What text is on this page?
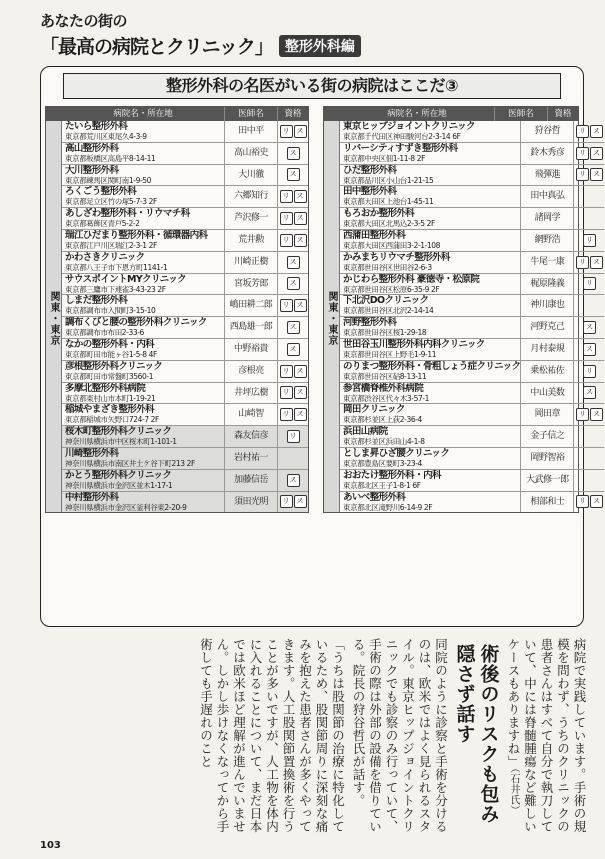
あなたの街の
「最高の病院とクリニック」 整形外科編
整形外科の名医がいる街の病院はここだ③
病院名・所在地	医師名	資格
関東・東京
たいら整形外科
東京都荒川区東尾久4-3-9
田中平	リ	ス
高山整形外科
東京都板橋区高島平8-14-11
高山裕史	ス
大川整形外科
東京都練馬区関町南1-9-50
大川徹	ス
ろくごう整形外科
東京都足立区竹の塚5-7-3 2F
六郷知行	リ	ス
あしざわ整形外科・リウマチ科
東京都葛飾区青戸5-2-2
芦沢修一	リ	ス
瑞江ひだまり整形外科・循環器内科
東京都江戸川区瑞江2-3-1 2F
荒井勲	リ	ス
かわさきクリニック
東京都八王子市下恩方町1141-1
川崎正樹	ス
サウスポイントMYクリニック
東京都三鷹市下連雀3-43-23 2F
宮坂芳郎	ス
しまだ整形外科
東京都調布市入間町3-15-10
嶋田耕二郎	リ	ス
調布くびと腰の整形外科クリニック
東京都調布市布田2-33-6
西島雄一郎	ス
なかの整形外科・内科
東京都町田市能ヶ谷1-5-8 4F
中野裕貴	ス
彦根整形外科クリニック
東京都町田市常盤町3560-1
彦根亮	リ	ス
多摩北整形外科病院
東京都東村山市本町1-19-21
井坪広樹	リ	ス
稲城やまざき整形外科
東京都稲城市矢野口724-7 2F
山崎智	リ	ス
桜木町整形外科クリニック
神奈川県横浜市中区桜木町1-101-1
森友信彦	リ
川崎整形外科
神奈川県横浜市南区井土ケ谷下町213 2F
岩村祐一
かとう整形外科クリニック
神奈川県横浜市金沢区並木1-17-1
加藤信岳	ス
中村整形外科
神奈川県横浜市金沢区釜利谷東2-20-9
須田光明	リ	ス
病院名・所在地	医師名	資格
関東・東京
東京ヒップジョイントクリニック
東京都千代田区神田駿河台2-3-14 6F
狩谷哲	リ	ス
リバーシティすずき整形外科
東京都中央区佃1-11-8 2F
鈴木秀彦	リ	ス
ひだ整形外科
東京都品川区小山台1-21-15
飛彈進	リ	ス
田中整形外科
東京都大田区上池台1-45-11
田中真弘
もろおか整形外科
東京都大田区北馬込2-3-5 2F
諸岡学
西蒲田整形外科
東京都大田区西蒲田3-2-1-108
網野浩	リ
かみまちリウマチ整形外科
東京都世田谷区世田谷2-6-3
牛尾一康	リ	ス
かじわら整形外科 豪徳寺・松原院
東京都世田谷区松原6-35-9 2F
梶原隆義	リ
下北沢DOクリニック
東京都世田谷区北沢2-14-14
神川康也
河野整形外科
東京都世田谷区桜1-29-18
河野克己	ス
世田谷玉川整形外科内科クリニック
東京都世田谷区上野毛1-9-11
月村泰規	ス
のりまつ整形外科・骨粗しょう症クリニック
東京都世田谷区砧8-13-11
乗松祐佐	リ
参宮橋脊椎外科病院
東京都渋谷区代々木3-57-1
中山美数	ス
岡田クリニック
東京都杉並区上荻2-36-4
岡田章	リ	ス
浜田山病院
東京都杉並区浜田山4-1-8
金子信之
としま昇ひざ腰クリニック
東京都豊島区要町3-23-4
岡野智裕
おおたけ整形外科・内科
東京都北区王子1-8-1 6F
大武修一郎
あいべ整形外科
東京都北区滝野川6-14-9 2F
相部和士	リ	ス

病院で実践しています。手術の規模を問わず、うちのクリニックの患者さんはすべて自分で執刀していて、中には脊髄腫瘍など難しいケースもありますね」（石井氏）

術後のリスクも包み隠さず話す

同院のように診察と手術を分けるのは、欧米ではよく見られるスタイル。東京ヒップジョイントクリニックでも診察のみ行っていて、手術の際は外部の設備を借りている。院長の狩谷哲氏が話す。

「うちは股関節の治療に特化しているため、股関節周りに深刻な痛みを抱えた患者さんが多くやってきます。人工股関節置換術を行うことが多いですが、人工物を体内に入れることについて、まだ日本では欧米ほど理解が進んでいません。しかし歩けなくなってから手術しても手遅れのこと

103
